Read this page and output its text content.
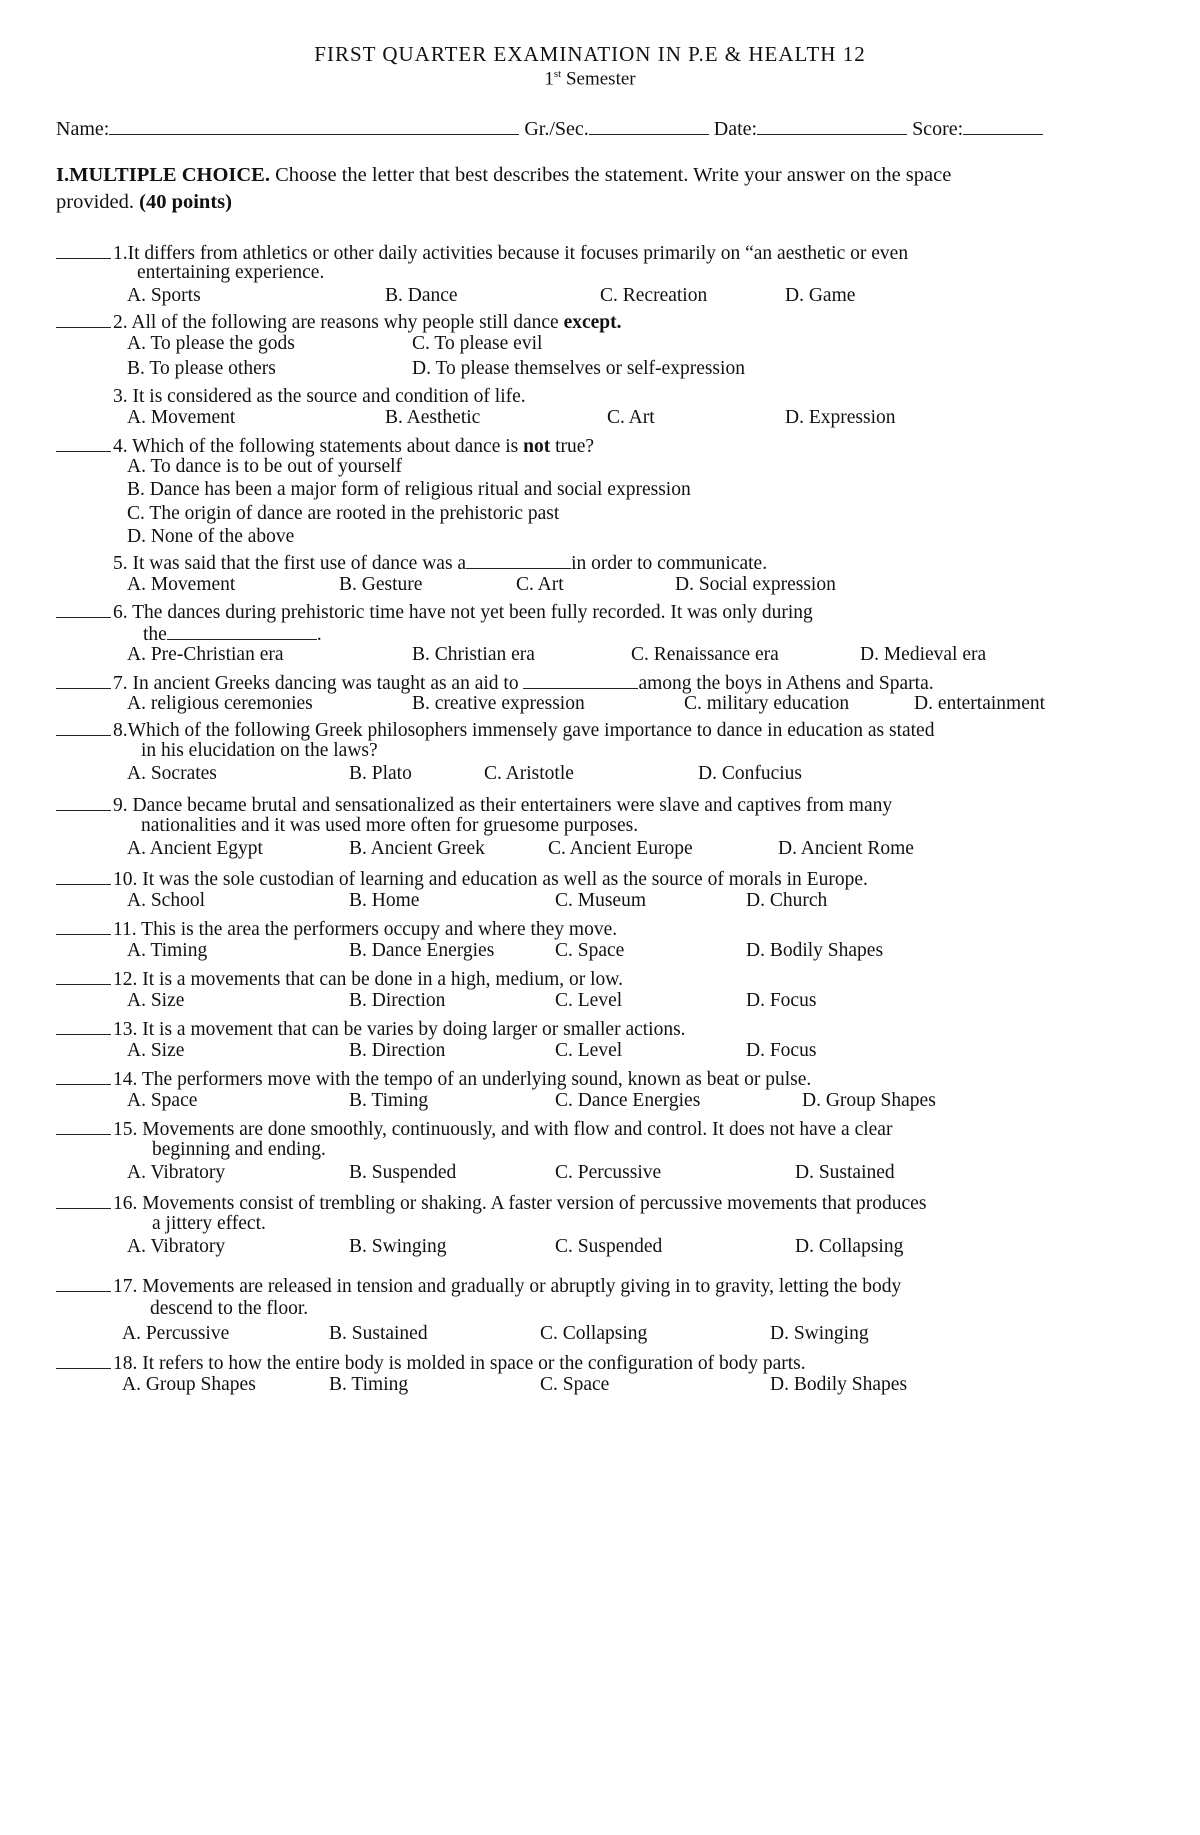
FIRST QUARTER EXAMINATION IN P.E & HEALTH 12
1st Semester
Name:	Gr./Sec.	Date:	Score:
I.MULTIPLE CHOICE. Choose the letter that best describes the statement. Write your answer on the space
provided. (40 points)
1.It differs from athletics or other daily activities because it focuses primarily on “an aesthetic or even
entertaining experience.
A. Sports	B. Dance	C. Recreation	D. Game
2. All of the following are reasons why people still dance except.
A. To please the gods	C. To please evil
B. To please others	D. To please themselves or self-expression
3. It is considered as the source and condition of life.
A. Movement	B. Aesthetic	C. Art	D. Expression
4. Which of the following statements about dance is not true?
A. To dance is to be out of yourself
B. Dance has been a major form of religious ritual and social expression
C. The origin of dance are rooted in the prehistoric past
D. None of the above
5. It was said that the first use of dance was a	in order to communicate.
A. Movement	B. Gesture	C. Art	D. Social expression
6. The dances during prehistoric time have not yet been fully recorded. It was only during
the	.
A. Pre-Christian era	B. Christian era	C. Renaissance era	D. Medieval era
7. In ancient Greeks dancing was taught as an aid to	among the boys in Athens and Sparta.
A. religious ceremonies	B. creative expression	C. military education	D. entertainment
8.Which of the following Greek philosophers immensely gave importance to dance in education as stated
in his elucidation on the laws?
A. Socrates	B. Plato	C. Aristotle	D. Confucius
9. Dance became brutal and sensationalized as their entertainers were slave and captives from many
nationalities and it was used more often for gruesome purposes.
A. Ancient Egypt	B. Ancient Greek	C. Ancient Europe	D. Ancient Rome
10. It was the sole custodian of learning and education as well as the source of morals in Europe.
A. School	B. Home	C. Museum	D. Church
11. This is the area the performers occupy and where they move.
A. Timing	B. Dance Energies	C. Space	D. Bodily Shapes
12. It is a movements that can be done in a high, medium, or low.
A. Size	B. Direction	C. Level	D. Focus
13. It is a movement that can be varies by doing larger or smaller actions.
A. Size	B. Direction	C. Level	D. Focus
14. The performers move with the tempo of an underlying sound, known as beat or pulse.
A. Space	B. Timing	C. Dance Energies	D. Group Shapes
15. Movements are done smoothly, continuously, and with flow and control. It does not have a clear
beginning and ending.
A. Vibratory	B. Suspended	C. Percussive	D. Sustained
16. Movements consist of trembling or shaking. A faster version of percussive movements that produces
a jittery effect.
A. Vibratory	B. Swinging	C. Suspended	D. Collapsing
17. Movements are released in tension and gradually or abruptly giving in to gravity, letting the body
descend to the floor.
A. Percussive	B. Sustained	C. Collapsing	D. Swinging
18. It refers to how the entire body is molded in space or the configuration of body parts.
A. Group Shapes	B. Timing	C. Space	D. Bodily Shapes
